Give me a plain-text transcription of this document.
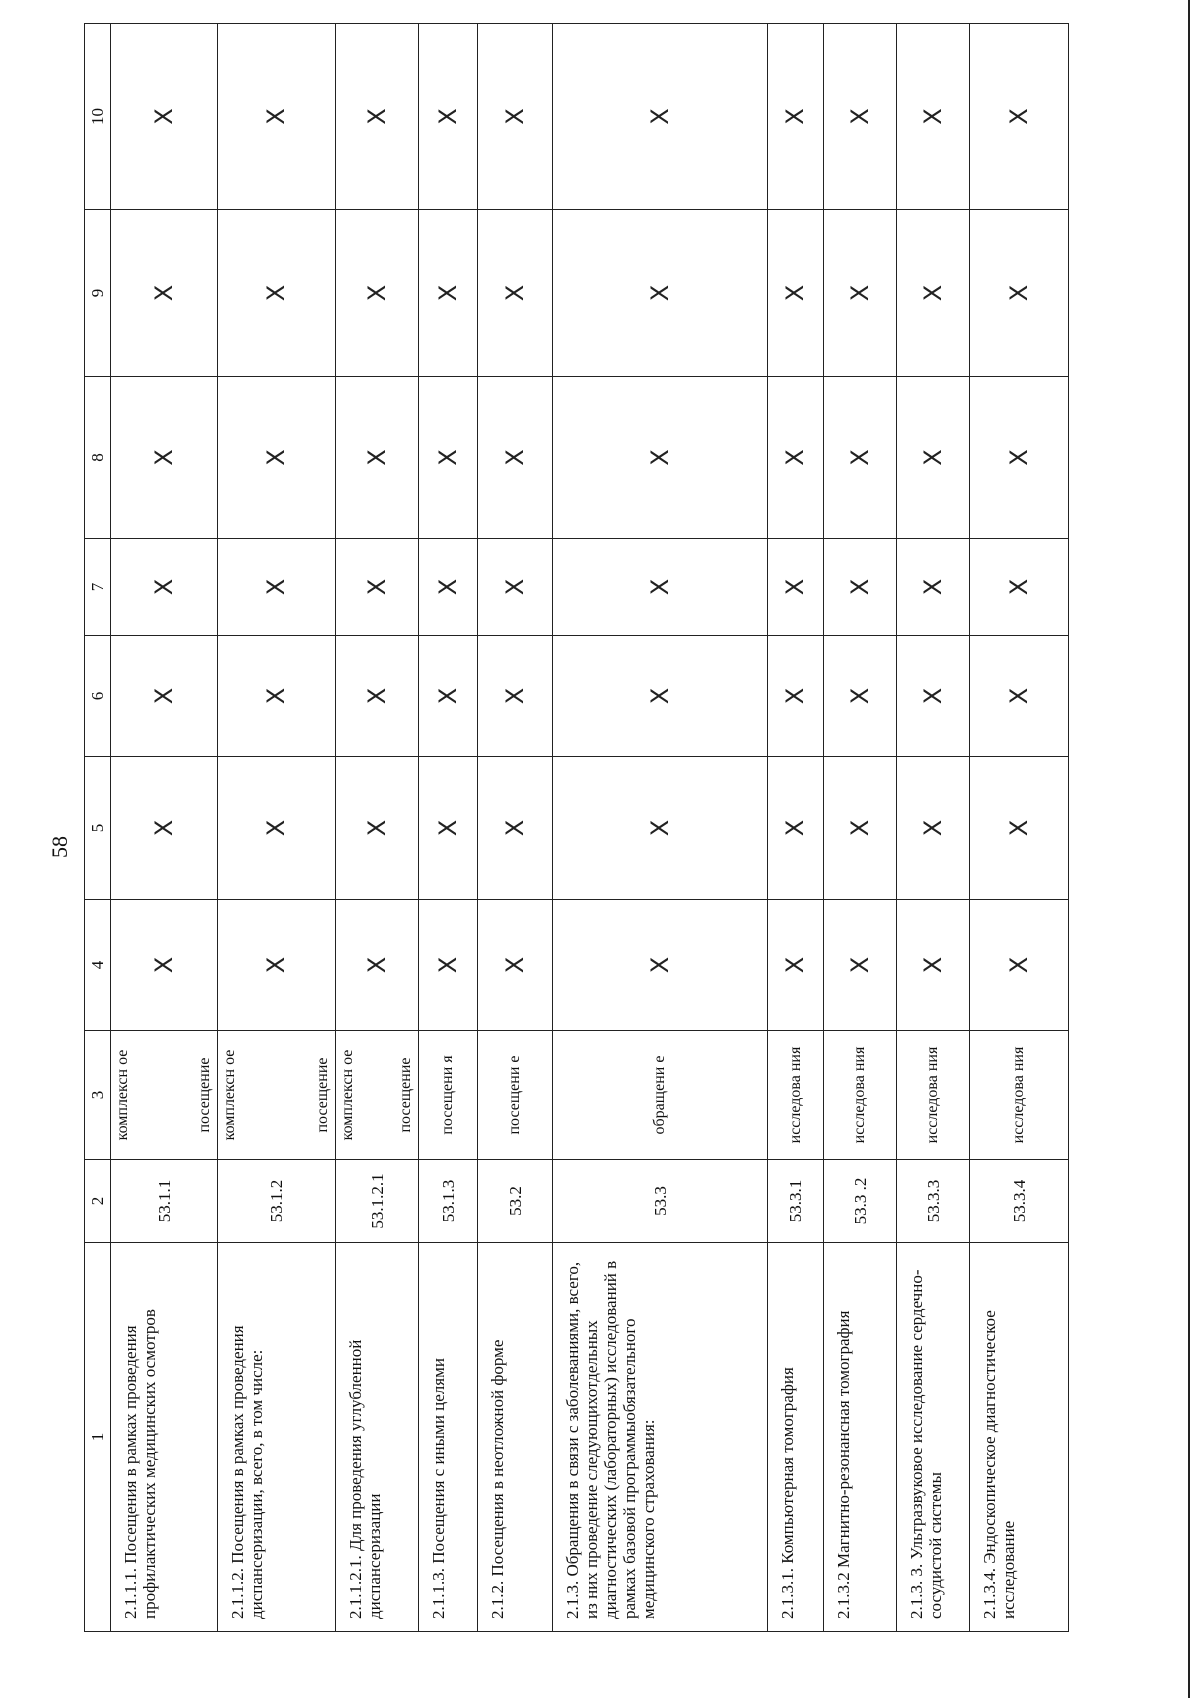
58
1	2	3	4	5	6	7	8	9	10
2.1.1.1. Посещения в рамках проведения профилактических медицинских осмотров	53.1.1	комплексн ое посещение	X	X	X	X	X	X	X
2.1.1.2. Посещения в рамках проведения диспансеризации, всего, в том числе:	53.1.2	комплексн ое посещение	X	X	X	X	X	X	X
2.1.1.2.1. Для проведения углубленной диспансеризации	53.1.2.1	комплексн ое посещение	X	X	X	X	X	X	X
2.1.1.3. Посещения с иными целями	53.1.3	посещени я	X	X	X	X	X	X	X
2.1.2. Посещения в неотложной форме	53.2	посещени е	X	X	X	X	X	X	X
2.1.3. Обращения в связи с заболеваниями, всего, из них проведение следующихотдельных диагностических (лабораторных) исследований в рамках базовой программыобязательного медицинского страхования:	53.3	обращени е	X	X	X	X	X	X	X
2.1.3.1. Компьютерная томография	53.3.1	исследова ния	X	X	X	X	X	X	X
2.1.3.2 Магнитно-резонансная томография	53.3 .2	исследова ния	X	X	X	X	X	X	X
2.1.3. 3. Ультразвуковое исследование сердечно-сосудистой системы	53.3.3	исследова ния	X	X	X	X	X	X	X
2.1.3.4. Эндоскопическое диагностическое исследование	53.3.4	исследова ния	X	X	X	X	X	X	X
